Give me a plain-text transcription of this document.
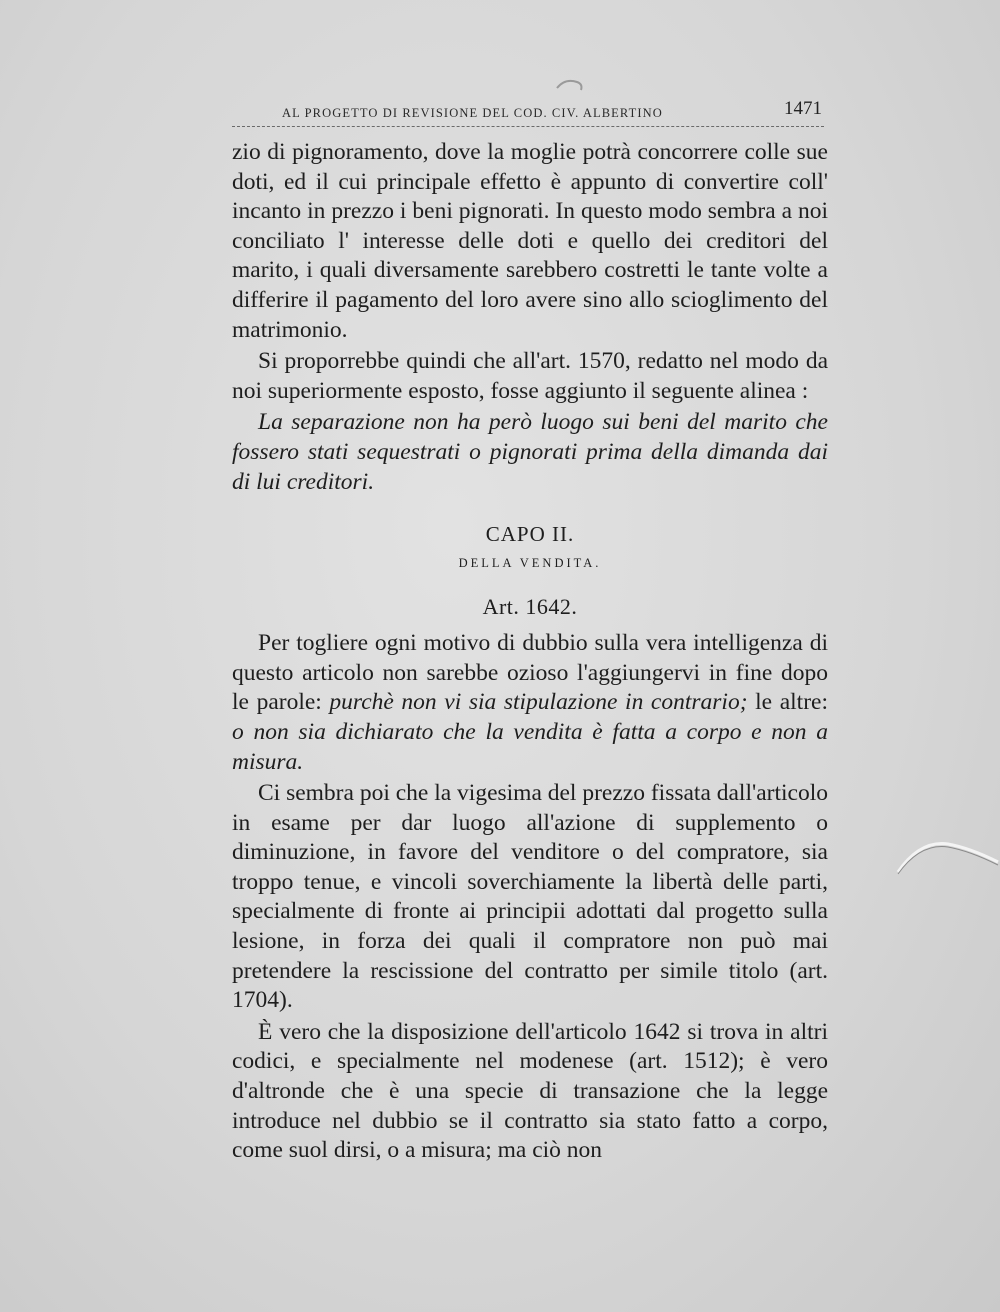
AL PROGETTO DI REVISIONE DEL COD. CIV. ALBERTINO	1471

zio di pignoramento, dove la moglie potrà concorrere colle sue doti, ed il cui principale effetto è appunto di convertire coll' incanto in prezzo i beni pignorati. In questo modo sembra a noi conciliato l' interesse delle doti e quello dei creditori del marito, i quali diversamente sarebbero costretti le tante volte a differire il pagamento del loro avere sino allo scioglimento del matrimonio.

Si proporrebbe quindi che all'art. 1570, redatto nel modo da noi superiormente esposto, fosse aggiunto il seguente alinea :

La separazione non ha però luogo sui beni del marito che fossero stati sequestrati o pignorati prima della dimanda dai di lui creditori.

CAPO II.
DELLA VENDITA.
Art. 1642.

Per togliere ogni motivo di dubbio sulla vera intelligenza di questo articolo non sarebbe ozioso l'aggiungervi in fine dopo le parole: purchè non vi sia stipulazione in contrario; le altre: o non sia dichiarato che la vendita è fatta a corpo e non a misura.

Ci sembra poi che la vigesima del prezzo fissata dall'articolo in esame per dar luogo all'azione di supplemento o diminuzione, in favore del venditore o del compratore, sia troppo tenue, e vincoli soverchiamente la libertà delle parti, specialmente di fronte ai principii adottati dal progetto sulla lesione, in forza dei quali il compratore non può mai pretendere la rescissione del contratto per simile titolo (art. 1704).

È vero che la disposizione dell'articolo 1642 si trova in altri codici, e specialmente nel modenese (art. 1512); è vero d'altronde che è una specie di transazione che la legge introduce nel dubbio se il contratto sia stato fatto a corpo, come suol dirsi, o a misura; ma ciò non
